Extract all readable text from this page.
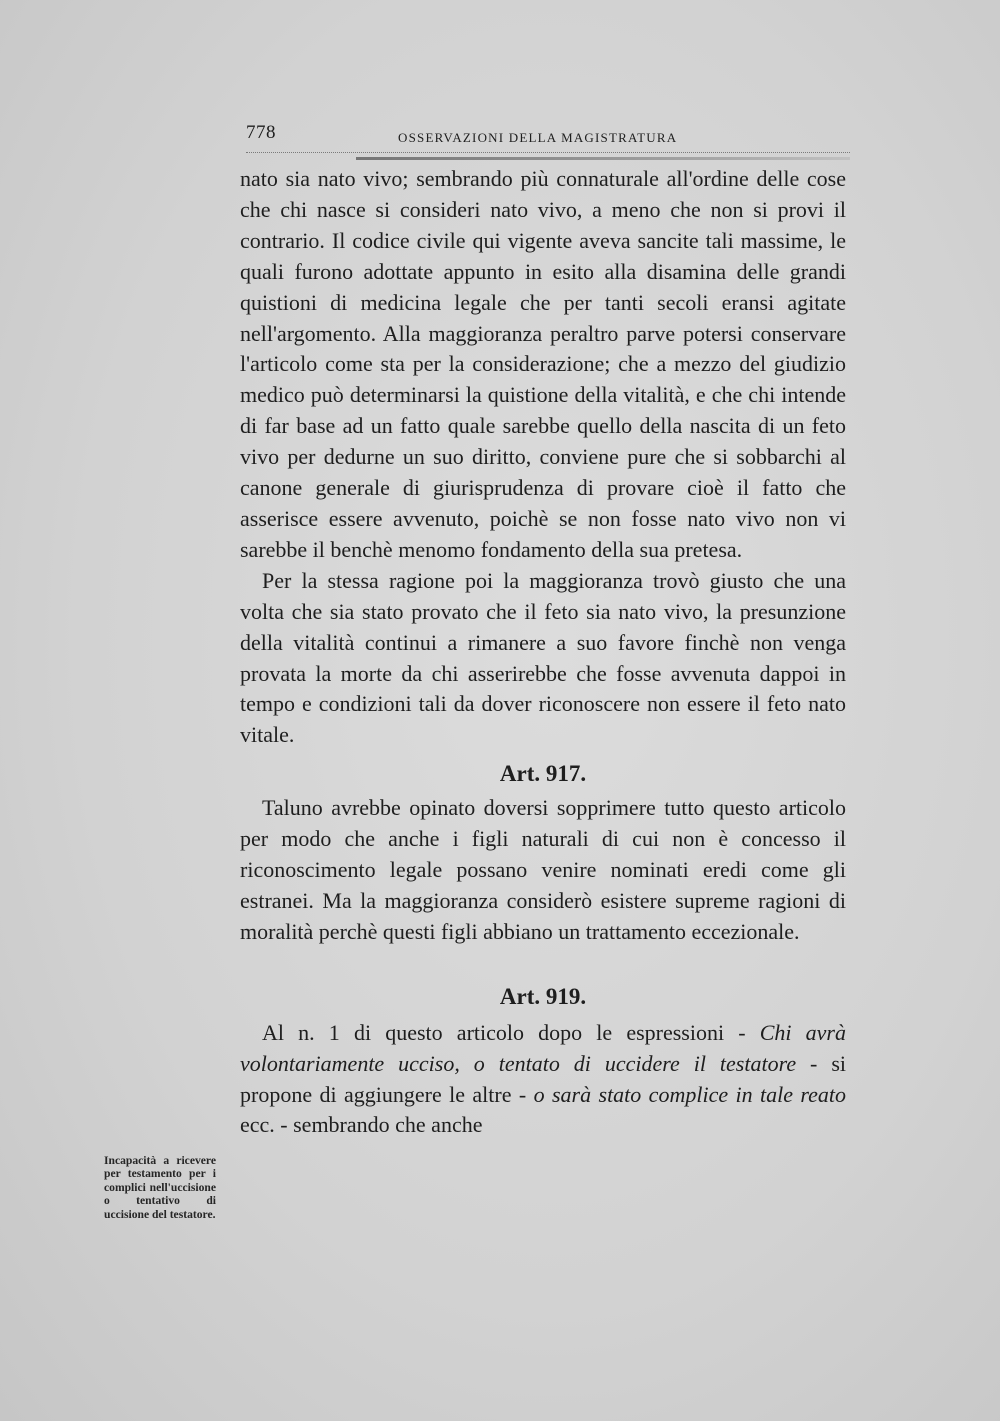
778	OSSERVAZIONI DELLA MAGISTRATURA

nato sia nato vivo; sembrando più connaturale all'ordine delle cose che chi nasce si consideri nato vivo, a meno che non si provi il contrario. Il codice civile qui vigente aveva sancite tali massime, le quali furono adottate appunto in esito alla disamina delle grandi quistioni di medicina legale che per tanti secoli eransi agitate nell'argomento. Alla maggioranza peraltro parve potersi conservare l'articolo come sta per la considerazione; che a mezzo del giudizio medico può determinarsi la quistione della vitalità, e che chi intende di far base ad un fatto quale sarebbe quello della nascita di un feto vivo per dedurne un suo diritto, conviene pure che si sobbarchi al canone generale di giurisprudenza di provare cioè il fatto che asserisce essere avvenuto, poichè se non fosse nato vivo non vi sarebbe il benchè menomo fondamento della sua pretesa.

Per la stessa ragione poi la maggioranza trovò giusto che una volta che sia stato provato che il feto sia nato vivo, la presunzione della vitalità continui a rimanere a suo favore finchè non venga provata la morte da chi asserirebbe che fosse avvenuta dappoi in tempo e condizioni tali da dover riconoscere non essere il feto nato vitale.

Art. 917.

Taluno avrebbe opinato doversi sopprimere tutto questo articolo per modo che anche i figli naturali di cui non è concesso il riconoscimento legale possano venire nominati eredi come gli estranei. Ma la maggioranza considerò esistere supreme ragioni di moralità perchè questi figli abbiano un trattamento eccezionale.

Art. 919.

Al n. 1 di questo articolo dopo le espressioni - Chi avrà volontariamente ucciso, o tentato di uccidere il testatore - si propone di aggiungere le altre - o sarà stato complice in tale reato ecc. - sembrando che anche

Incapacità a ricevere per testamento per i complici nell'uccisione o tentativo di uccisione del testatore.
